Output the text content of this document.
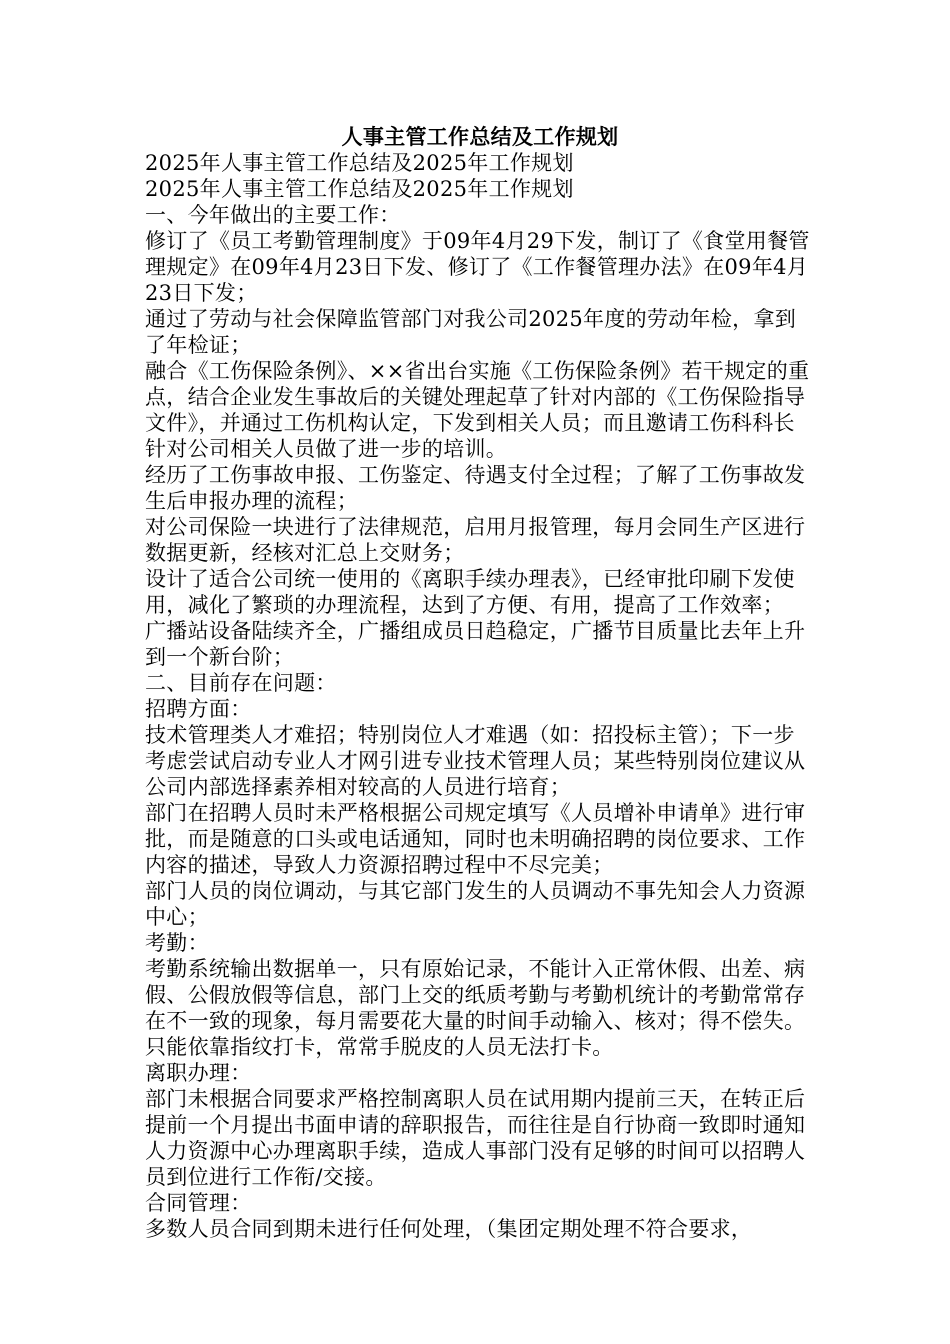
人事主管工作总结及工作规划
2025年人事主管工作总结及2025年工作规划
2025年人事主管工作总结及2025年工作规划
一、今年做出的主要工作：
修订了《员工考勤管理制度》于09年4月29下发，制订了《食堂用餐管理规定》在09年4月23日下发、修订了《工作餐管理办法》在09年4月23日下发；
通过了劳动与社会保障监管部门对我公司2025年度的劳动年检，拿到了年检证；
融合《工伤保险条例》、××省出台实施《工伤保险条例》若干规定的重点，结合企业发生事故后的关键处理起草了针对内部的《工伤保险指导文件》，并通过工伤机构认定，下发到相关人员；而且邀请工伤科科长针对公司相关人员做了进一步的培训。
经历了工伤事故申报、工伤鉴定、待遇支付全过程；了解了工伤事故发生后申报办理的流程；
对公司保险一块进行了法律规范，启用月报管理，每月会同生产区进行数据更新，经核对汇总上交财务；
设计了适合公司统一使用的《离职手续办理表》，已经审批印刷下发使用，减化了繁琐的办理流程，达到了方便、有用，提高了工作效率；
广播站设备陆续齐全，广播组成员日趋稳定，广播节目质量比去年上升到一个新台阶；
二、目前存在问题：
招聘方面：
技术管理类人才难招；特别岗位人才难遇（如：招投标主管）；下一步考虑尝试启动专业人才网引进专业技术管理人员；某些特别岗位建议从公司内部选择素养相对较高的人员进行培育；
部门在招聘人员时未严格根据公司规定填写《人员增补申请单》进行审批，而是随意的口头或电话通知，同时也未明确招聘的岗位要求、工作内容的描述，导致人力资源招聘过程中不尽完美；
部门人员的岗位调动，与其它部门发生的人员调动不事先知会人力资源中心；
考勤：
考勤系统输出数据单一，只有原始记录，不能计入正常休假、出差、病假、公假放假等信息，部门上交的纸质考勤与考勤机统计的考勤常常存在不一致的现象，每月需要花大量的时间手动输入、核对；得不偿失。只能依靠指纹打卡，常常手脱皮的人员无法打卡。
离职办理：
部门未根据合同要求严格控制离职人员在试用期内提前三天，在转正后提前一个月提出书面申请的辞职报告，而往往是自行协商一致即时通知人力资源中心办理离职手续，造成人事部门没有足够的时间可以招聘人员到位进行工作衔/交接。
合同管理：
多数人员合同到期未进行任何处理，（集团定期处理不符合要求，
